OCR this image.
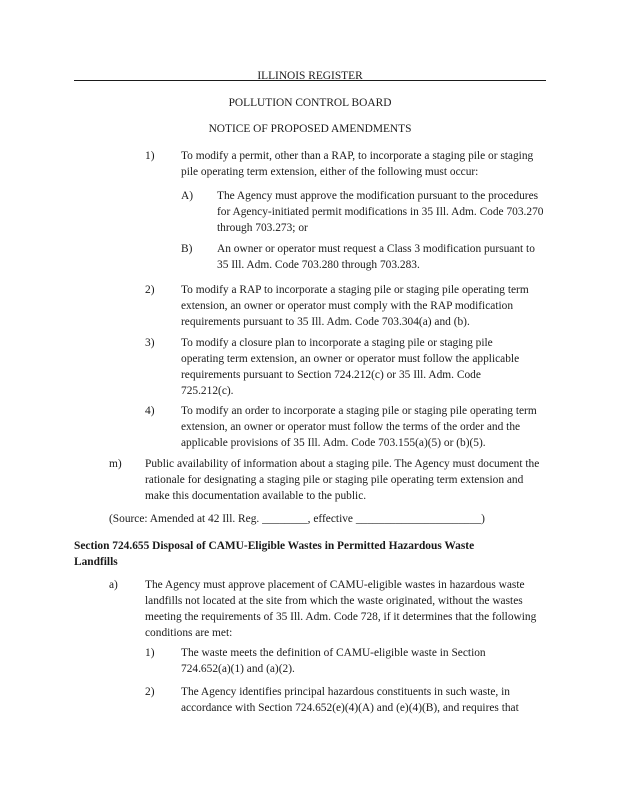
ILLINOIS REGISTER
POLLUTION CONTROL BOARD
NOTICE OF PROPOSED AMENDMENTS
1) To modify a permit, other than a RAP, to incorporate a staging pile or staging pile operating term extension, either of the following must occur:
A) The Agency must approve the modification pursuant to the procedures for Agency-initiated permit modifications in 35 Ill. Adm. Code 703.270 through 703.273; or
B) An owner or operator must request a Class 3 modification pursuant to 35 Ill. Adm. Code 703.280 through 703.283.
2) To modify a RAP to incorporate a staging pile or staging pile operating term extension, an owner or operator must comply with the RAP modification requirements pursuant to 35 Ill. Adm. Code 703.304(a) and (b).
3) To modify a closure plan to incorporate a staging pile or staging pile operating term extension, an owner or operator must follow the applicable requirements pursuant to Section 724.212(c) or 35 Ill. Adm. Code 725.212(c).
4) To modify an order to incorporate a staging pile or staging pile operating term extension, an owner or operator must follow the terms of the order and the applicable provisions of 35 Ill. Adm. Code 703.155(a)(5) or (b)(5).
m) Public availability of information about a staging pile. The Agency must document the rationale for designating a staging pile or staging pile operating term extension and make this documentation available to the public.
(Source: Amended at 42 Ill. Reg. ________, effective ______________________)
Section 724.655 Disposal of CAMU-Eligible Wastes in Permitted Hazardous Waste Landfills
a) The Agency must approve placement of CAMU-eligible wastes in hazardous waste landfills not located at the site from which the waste originated, without the wastes meeting the requirements of 35 Ill. Adm. Code 728, if it determines that the following conditions are met:
1) The waste meets the definition of CAMU-eligible waste in Section 724.652(a)(1) and (a)(2).
2) The Agency identifies principal hazardous constituents in such waste, in accordance with Section 724.652(e)(4)(A) and (e)(4)(B), and requires that
